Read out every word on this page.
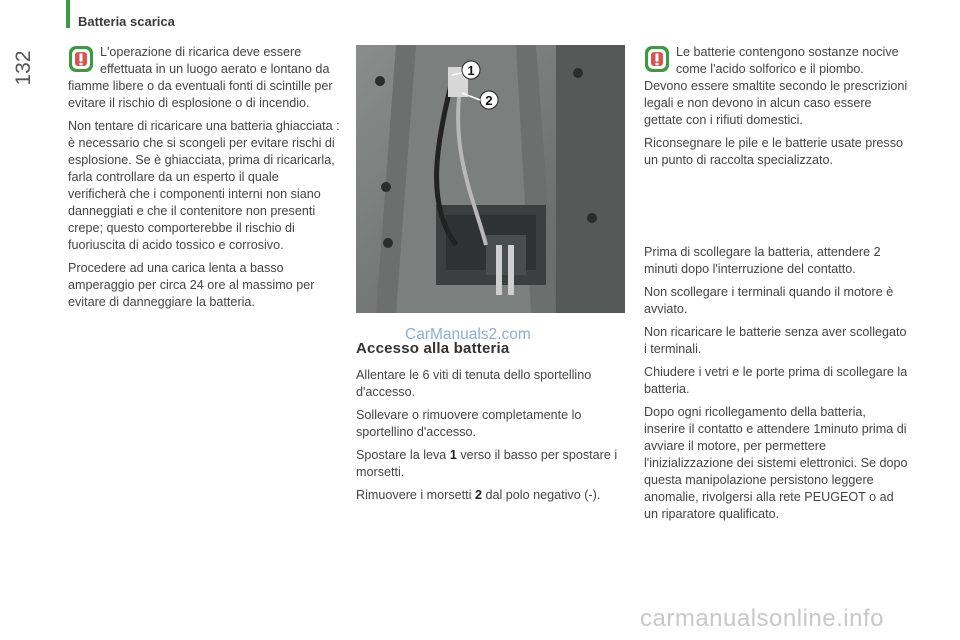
132
Batteria scarica

L'operazione di ricarica deve essere effettuata in un luogo aerato e lontano da fiamme libere o da eventuali fonti di scintille per evitare il rischio di esplosione o di incendio.

Non tentare di ricaricare una batteria ghiacciata : è necessario che si scongeli per evitare rischi di esplosione. Se è ghiacciata, prima di ricaricarla, farla controllare da un esperto il quale verificherà che i componenti interni non siano danneggiati e che il contenitore non presenti crepe; questo comporterebbe il rischio di fuoriuscita di acido tossico e corrosivo.

Procedere ad una carica lenta a basso amperaggio per circa 24 ore al massimo per evitare di danneggiare la batteria.

1
2
Accesso alla batteria

Allentare le 6 viti di tenuta dello sportellino d'accesso.

Sollevare o rimuovere completamente lo sportellino d'accesso.

Spostare la leva 1 verso il basso per spostare i morsetti.

Rimuovere i morsetti 2 dal polo negativo (-).

CarManuals2.com

Le batterie contengono sostanze nocive come l'acido solforico e il piombo. Devono essere smaltite secondo le prescrizioni legali e non devono in alcun caso essere gettate con i rifiuti domestici.

Riconsegnare le pile e le batterie usate presso un punto di raccolta specializzato.

Prima di scollegare la batteria, attendere 2 minuti dopo l'interruzione del contatto.

Non scollegare i terminali quando il motore è avviato.

Non ricaricare le batterie senza aver scollegato i terminali.

Chiudere i vetri e le porte prima di scollegare la batteria.

Dopo ogni ricollegamento della batteria, inserire il contatto e attendere 1minuto prima di avviare il motore, per permettere l'inizializzazione dei sistemi elettronici. Se dopo questa manipolazione persistono leggere anomalie, rivolgersi alla rete PEUGEOT o ad un riparatore qualificato.

carmanualsonline.info
